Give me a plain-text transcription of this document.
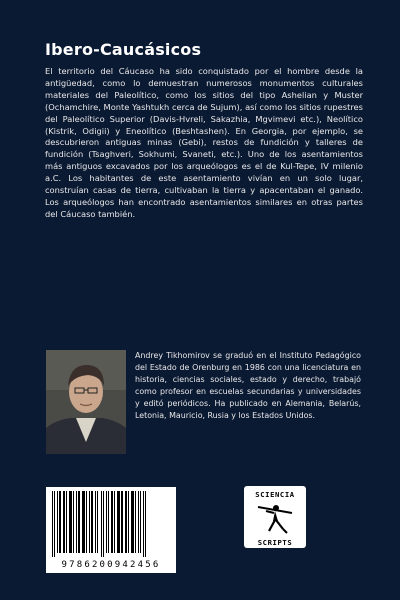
Ibero-Caucásicos
El territorio del Cáucaso ha sido conquistado por el hombre desde la antigüedad, como lo demuestran numerosos monumentos culturales materiales del Paleolítico, como los sitios del tipo Ashelian y Muster (Ochamchire, Monte Yashtukh cerca de Sujum), así como los sitios rupestres del Paleolítico Superior (Davis-Hvreli, Sakazhia, Mgvimevi etc.), Neolítico (Kistrik, Odigii) y Eneolítico (Beshtashen). En Georgia, por ejemplo, se descubrieron antiguas minas (Gebi), restos de fundición y talleres de fundición (Tsaghveri, Sokhumi, Svaneti, etc.). Uno de los asentamientos más antiguos excavados por los arqueólogos es el de Kul-Tepe, IV milenio a.C. Los habitantes de este asentamiento vivían en un solo lugar, construían casas de tierra, cultivaban la tierra y apacentaban el ganado. Los arqueólogos han encontrado asentamientos similares en otras partes del Cáucaso también.
Andrey Tikhomirov se graduó en el Instituto Pedagógico del Estado de Orenburg en 1986 con una licenciatura en historia, ciencias sociales, estado y derecho, trabajó como profesor en escuelas secundarias y universidades y editó periódicos. Ha publicado en Alemania, Belarús, Letonia, Mauricio, Rusia y los Estados Unidos.
9786200942456
SCIENCIA
SCRIPTS
